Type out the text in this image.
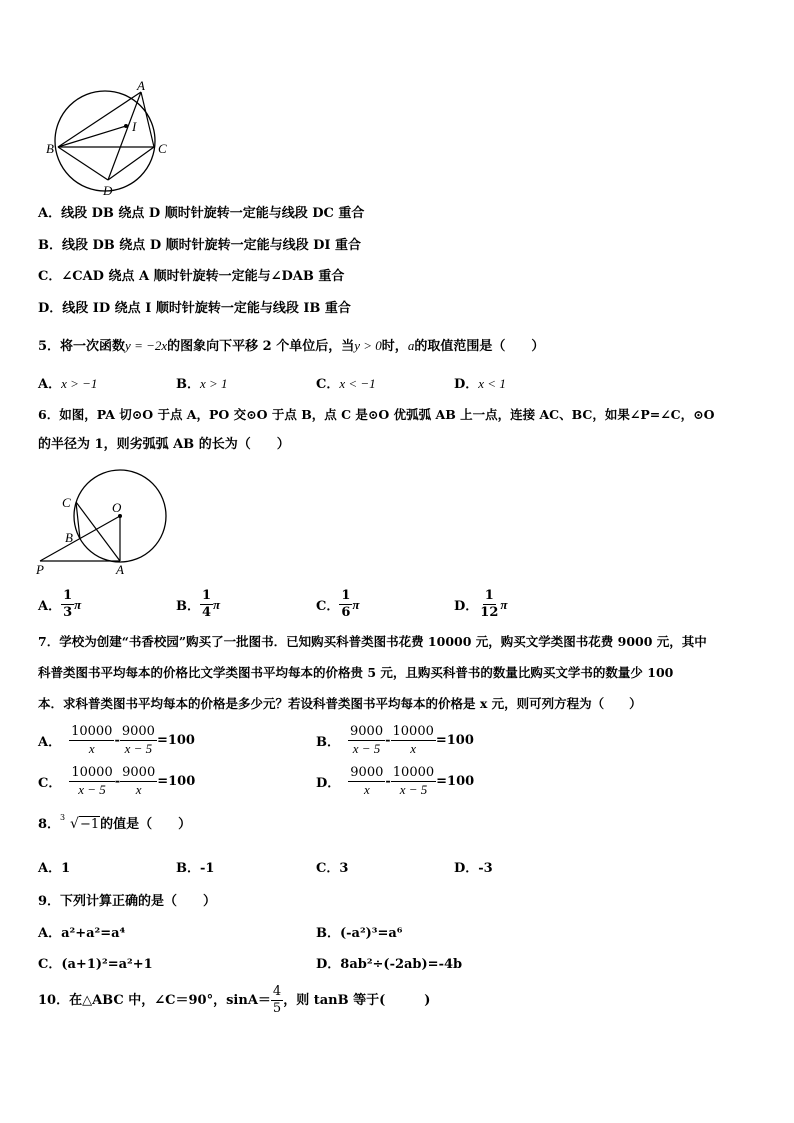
A
I
B	C
D
A．线段 DB 绕点 D 顺时针旋转一定能与线段 DC 重合
B．线段 DB 绕点 D 顺时针旋转一定能与线段 DI 重合
C．∠CAD 绕点 A 顺时针旋转一定能与∠DAB 重合
D．线段 ID 绕点 I 顺时针旋转一定能与线段 IB 重合
5．将一次函数y = −2x的图象向下平移 2 个单位后，当y > 0时，a的取值范围是（　　）
A．x > −1	B．x > 1	C．x < −1	D．x < 1
6．如图，PA 切⊙O 于点 A，PO 交⊙O 于点 B，点 C 是⊙O 优弧弧 AB 上一点，连接 AC、BC，如果∠P=∠C，⊙O
的半径为 1，则劣弧弧 AB 的长为（　　）
C	O
B
P	A
A． $\frac{1}{3}$ π	B． $\frac{1}{4}$ π	C． $\frac{1}{6}$ π	D． $\frac{1}{12}$ π
7．学校为创建“书香校园”购买了一批图书．已知购买科普类图书花费 10000 元，购买文学类图书花费 9000 元，其中
科普类图书平均每本的价格比文学类图书平均每本的价格贵 5 元，且购买科普书的数量比购买文学书的数量少 100
本．求科普类图书平均每本的价格是多少元？若设科普类图书平均每本的价格是 x 元，则可列方程为（　　）
A． $\frac{10000}{x} - \frac{9000}{x - 5} =100$	B． $\frac{9000}{x - 5} - \frac{10000}{x} =100$
C． $\frac{10000}{x - 5} - \frac{9000}{x} =100$	D． $\frac{9000}{x} - \frac{10000}{x - 5} =100$
8． 3 √−1 的值是（　　）
A．1	B．-1	C．3	D．-3
9．下列计算正确的是（　　）
A．a²+a²=a⁴	B．(-a²)³=a⁶
C．(a+1)²=a²+1	D．8ab²÷(-2ab)=-4b
10．在△ABC 中，∠C＝90°，$\sin A= \frac{4}{5}$ ，则 tanB 等于(　　　)
